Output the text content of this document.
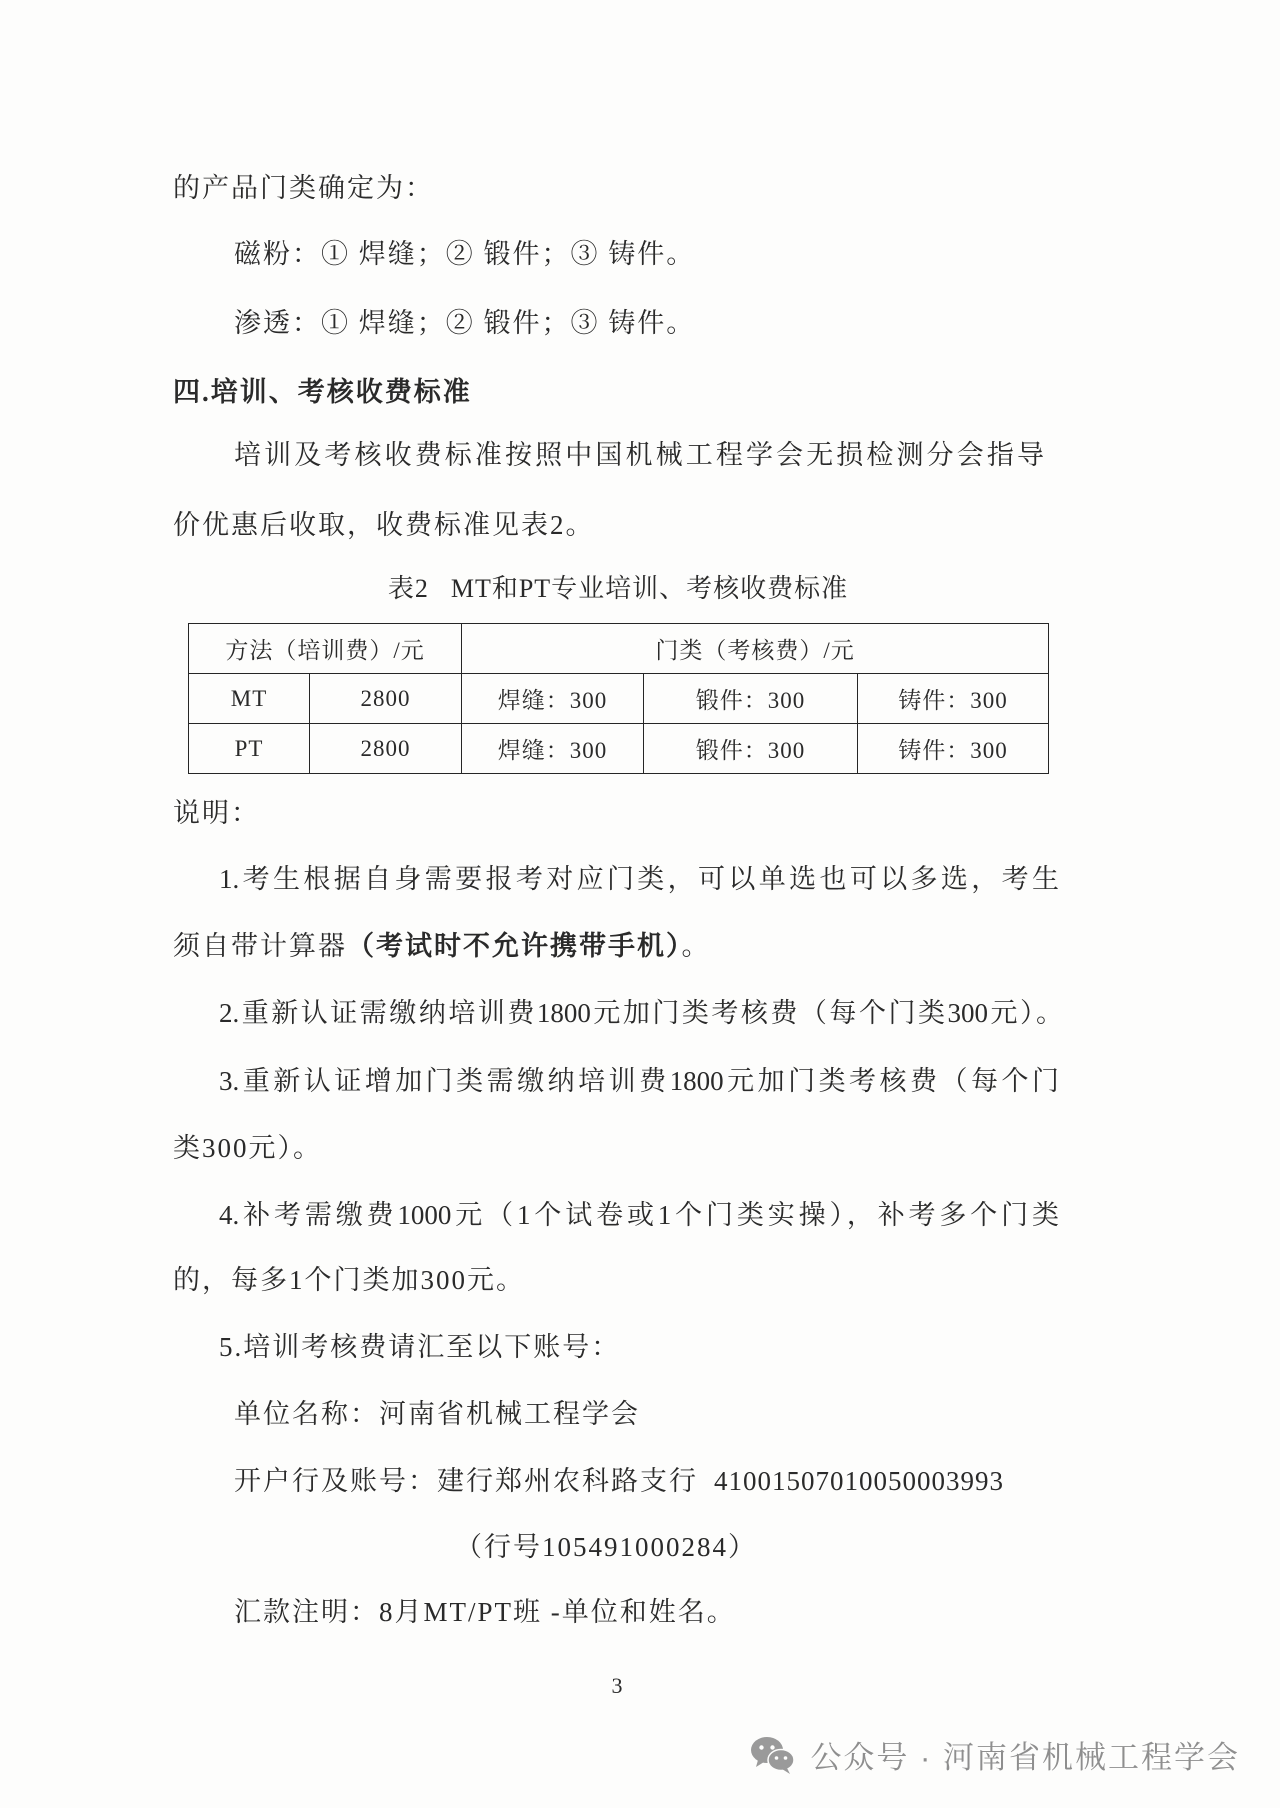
的产品门类确定为：
磁粉：① 焊缝；② 锻件；③ 铸件。
渗透：① 焊缝；② 锻件；③ 铸件。
四.培训、考核收费标准
培训及考核收费标准按照中国机械工程学会无损检测分会指导
价优惠后收取，收费标准见表2。
表2 MT和PT专业培训、考核收费标准
方法（培训费）/元		门类（考核费）/元		
MT	2800	焊缝：300	锻件：300	铸件：300
PT	2800	焊缝：300	锻件：300	铸件：300
说明：
1.考生根据自身需要报考对应门类，可以单选也可以多选，考生
须自带计算器（考试时不允许携带手机）。
2.重新认证需缴纳培训费1800元加门类考核费（每个门类300元）。
3.重新认证增加门类需缴纳培训费1800元加门类考核费（每个门
类300元）。
4.补考需缴费1000元（1个试卷或1个门类实操），补考多个门类
的，每多1个门类加300元。
5.培训考核费请汇至以下账号：
单位名称：河南省机械工程学会
开户行及账号：建行郑州农科路支行 41001507010050003993
（行号105491000284）
汇款注明：8月MT/PT班 -单位和姓名。
3
公众号 · 河南省机械工程学会
